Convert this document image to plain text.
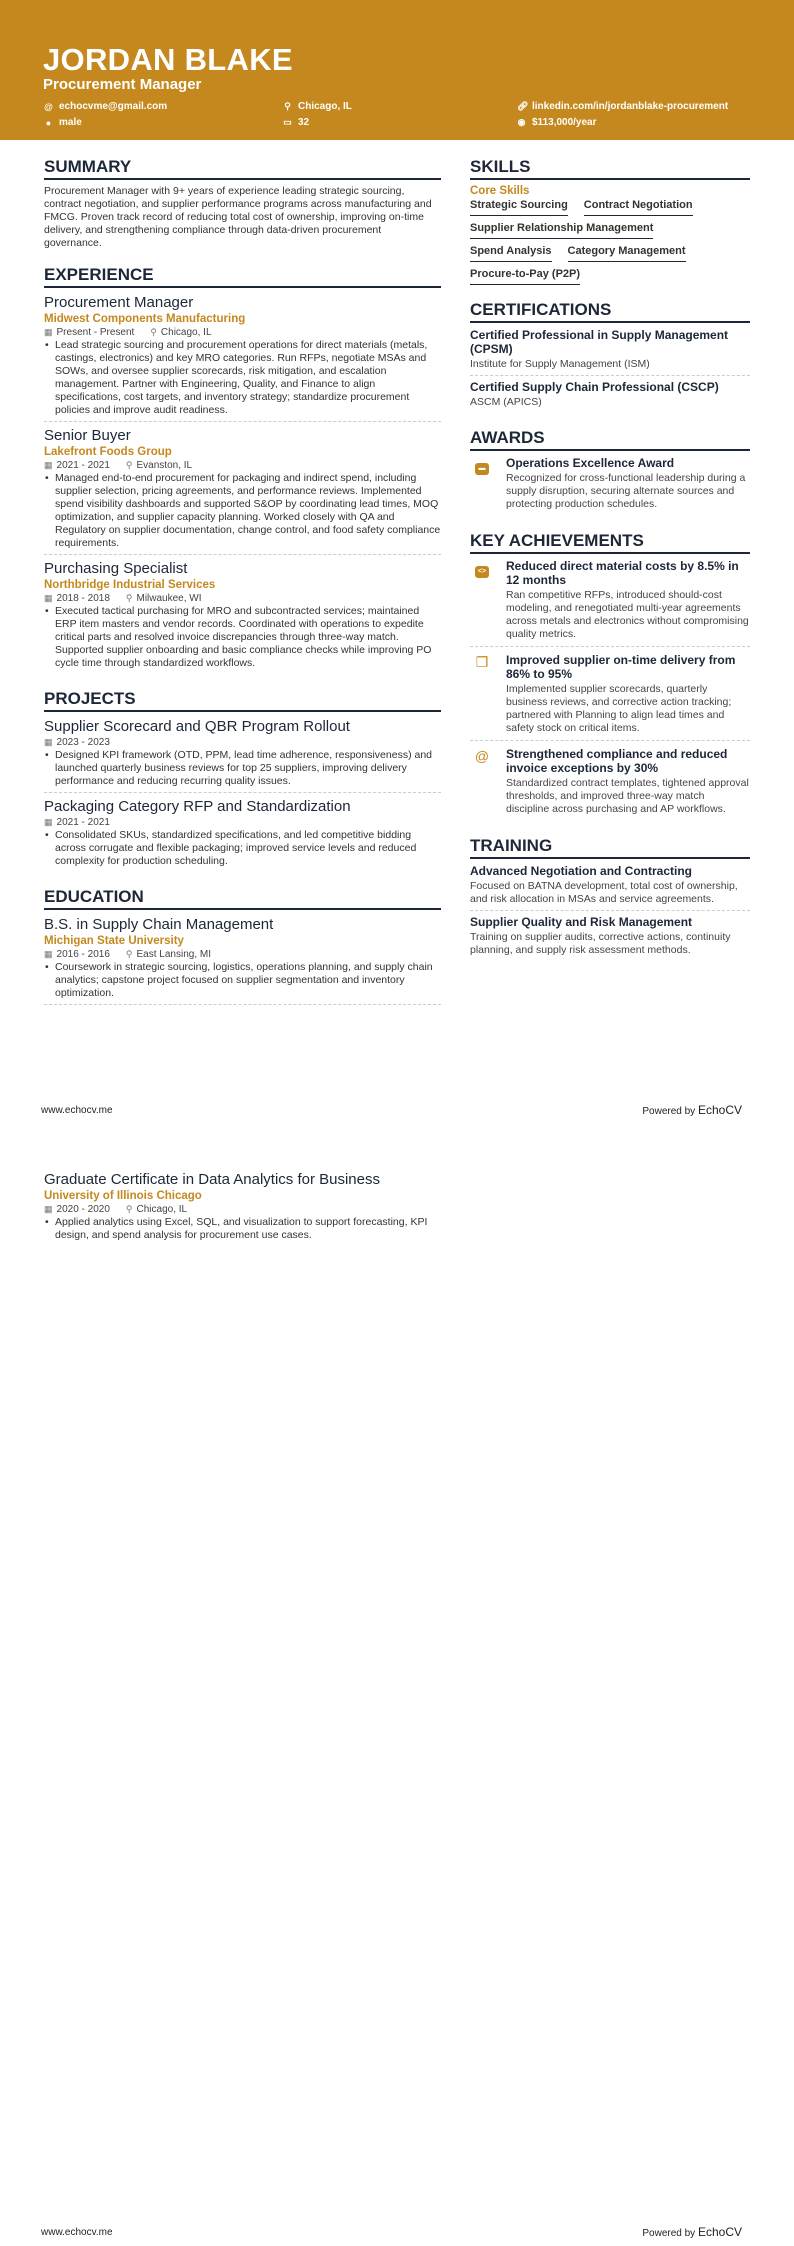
JORDAN BLAKE
Procurement Manager
@ echocvme@gmail.com	⚲ Chicago, IL	🔗︎ linkedin.com/in/jordanblake-procurement
● male	▭ 32	◉ $113,000/year
SUMMARY

Procurement Manager with 9+ years of experience leading strategic sourcing, contract negotiation, and supplier performance programs across manufacturing and FMCG. Proven track record of reducing total cost of ownership, improving on-time delivery, and strengthening compliance through data-driven procurement governance.

EXPERIENCE
Procurement Manager
Midwest Components Manufacturing
▦ Present - Present ⚲ Chicago, IL
• Lead strategic sourcing and procurement operations for direct materials (metals, castings, electronics) and key MRO categories. Run RFPs, negotiate MSAs and SOWs, and oversee supplier scorecards, risk mitigation, and escalation management. Partner with Engineering, Quality, and Finance to align specifications, cost targets, and inventory strategy; standardize procurement policies and improve audit readiness.
Senior Buyer
Lakefront Foods Group
▦ 2021 - 2021 ⚲ Evanston, IL
• Managed end-to-end procurement for packaging and indirect spend, including supplier selection, pricing agreements, and performance reviews. Implemented spend visibility dashboards and supported S&OP by coordinating lead times, MOQ optimization, and supplier capacity planning. Worked closely with QA and Regulatory on supplier documentation, change control, and food safety compliance requirements.
Purchasing Specialist
Northbridge Industrial Services
▦ 2018 - 2018 ⚲ Milwaukee, WI
• Executed tactical purchasing for MRO and subcontracted services; maintained ERP item masters and vendor records. Coordinated with operations to expedite critical parts and resolved invoice discrepancies through three-way match. Supported supplier onboarding and basic compliance checks while improving PO cycle time through standardized workflows.
PROJECTS
Supplier Scorecard and QBR Program Rollout
▦ 2023 - 2023
• Designed KPI framework (OTD, PPM, lead time adherence, responsiveness) and launched quarterly business reviews for top 25 suppliers, improving delivery performance and reducing recurring quality issues.
Packaging Category RFP and Standardization
▦ 2021 - 2021
• Consolidated SKUs, standardized specifications, and led competitive bidding across corrugate and flexible packaging; improved service levels and reduced complexity for production scheduling.
EDUCATION
B.S. in Supply Chain Management
Michigan State University
▦ 2016 - 2016 ⚲ East Lansing, MI
• Coursework in strategic sourcing, logistics, operations planning, and supply chain analytics; capstone project focused on supplier segmentation and inventory optimization.
SKILLS
Core Skills
Strategic Sourcing Contract Negotiation
Supplier Relationship Management
Spend Analysis Category Management
Procure-to-Pay (P2P)
CERTIFICATIONS
Certified Professional in Supply Management (CPSM)
Institute for Supply Management (ISM)
Certified Supply Chain Professional (CSCP)
ASCM (APICS)
AWARDS
▬	Operations Excellence Award
Recognized for cross-functional leadership during a supply disruption, securing alternate sources and protecting production schedules.
KEY ACHIEVEMENTS
<>	Reduced direct material costs by 8.5% in 12 months
Ran competitive RFPs, introduced should-cost modeling, and renegotiated multi-year agreements across metals and electronics without compromising quality metrics.
❐	Improved supplier on-time delivery from 86% to 95%
Implemented supplier scorecards, quarterly business reviews, and corrective action tracking; partnered with Planning to align lead times and safety stock on critical items.
@	Strengthened compliance and reduced invoice exceptions by 30%
Standardized contract templates, tightened approval thresholds, and improved three-way match discipline across purchasing and AP workflows.
TRAINING
Advanced Negotiation and Contracting
Focused on BATNA development, total cost of ownership, and risk allocation in MSAs and service agreements.
Supplier Quality and Risk Management
Training on supplier audits, corrective actions, continuity planning, and supply risk assessment methods.
www.echocv.me	Powered by EchoCV
Graduate Certificate in Data Analytics for Business
University of Illinois Chicago
▦ 2020 - 2020 ⚲ Chicago, IL
• Applied analytics using Excel, SQL, and visualization to support forecasting, KPI design, and spend analysis for procurement use cases.
www.echocv.me	Powered by EchoCV
